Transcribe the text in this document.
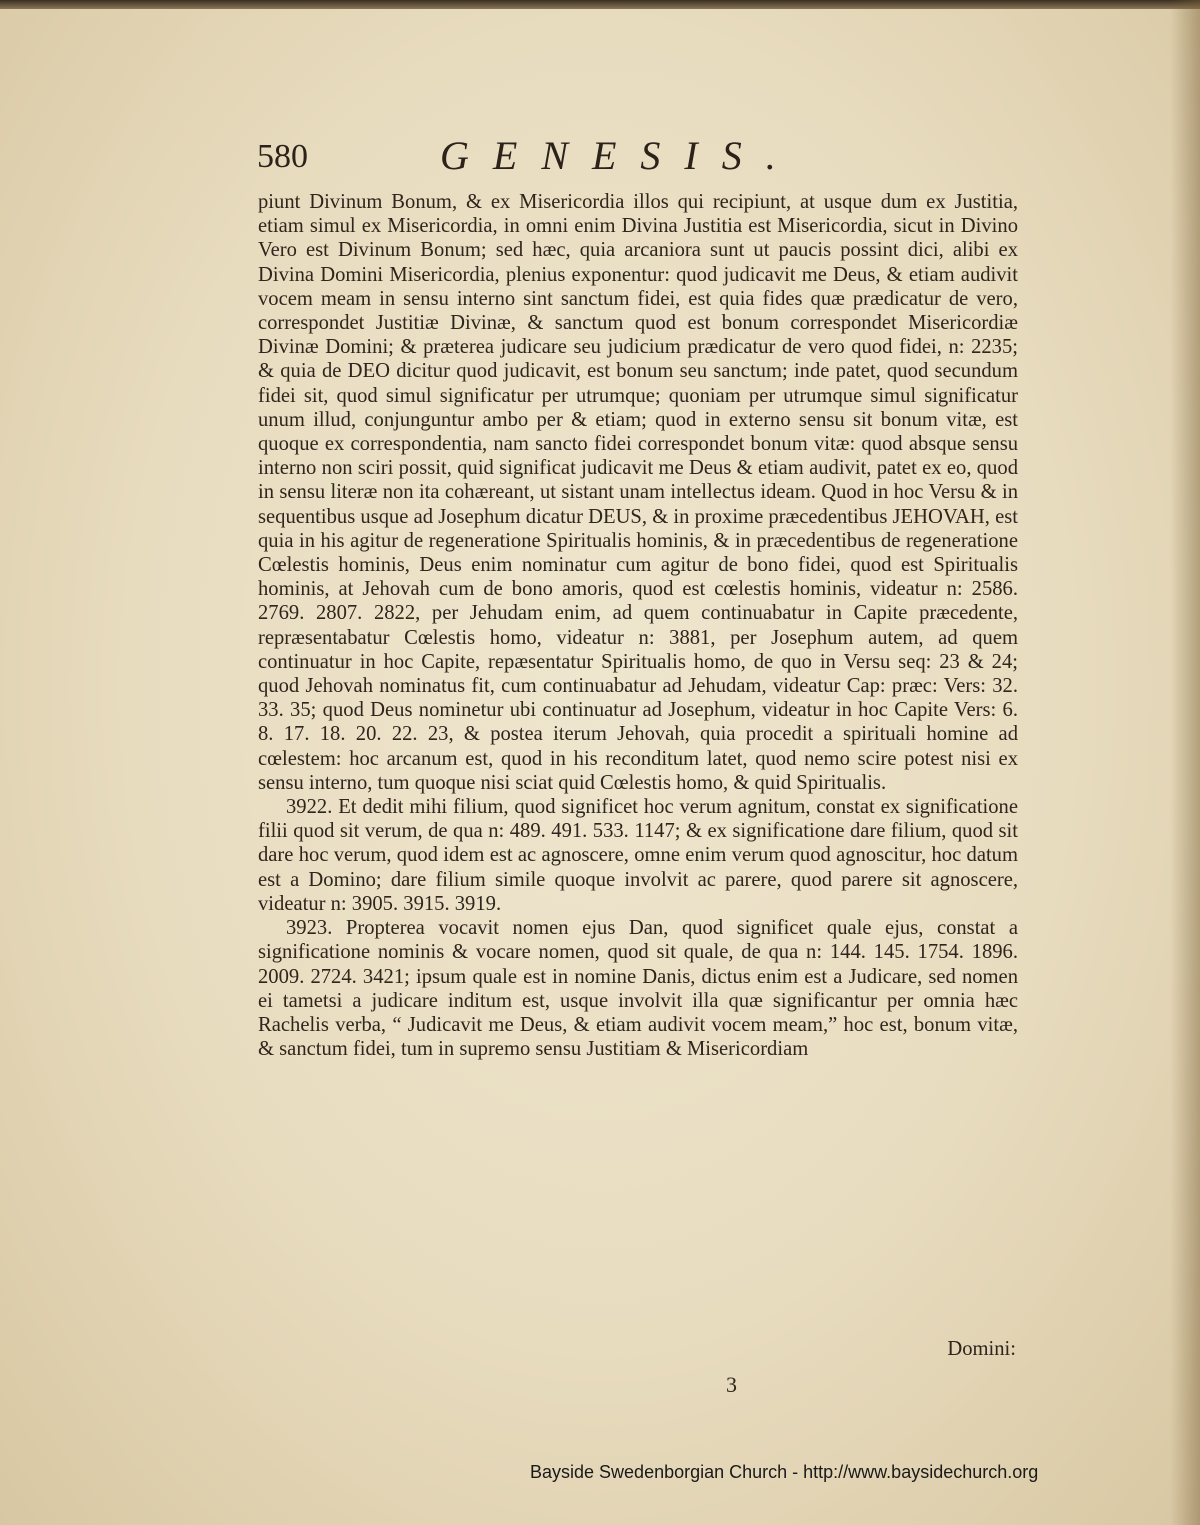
580	GENESIS.

piunt Divinum Bonum, & ex Misericordia illos qui recipiunt, at usque dum ex Justitia, etiam simul ex Misericordia, in omni enim Divina Justitia est Misericordia, sicut in Divino Vero est Divinum Bonum; sed hæc, quia arcaniora sunt ut paucis possint dici, alibi ex Divina Domini Misericordia, plenius exponentur: quod judicavit me Deus, & etiam audivit vocem meam in sensu interno sint sanctum fidei, est quia fides quæ prædicatur de vero, correspondet Justitiæ Divinæ, & sanctum quod est bonum correspondet Misericordiæ Divinæ Domini; & præterea judicare seu judicium prædicatur de vero quod fidei, n: 2235; & quia de DEO dicitur quod judicavit, est bonum seu sanctum; inde patet, quod secundum fidei sit, quod simul significatur per utrumque; quoniam per utrumque simul significatur unum illud, conjunguntur ambo per & etiam; quod in externo sensu sit bonum vitæ, est quoque ex correspondentia, nam sancto fidei correspondet bonum vitæ: quod absque sensu interno non sciri possit, quid significat judicavit me Deus & etiam audivit, patet ex eo, quod in sensu literæ non ita cohæreant, ut sistant unam intellectus ideam. Quod in hoc Versu & in sequentibus usque ad Josephum dicatur DEUS, & in proxime præcedentibus JEHOVAH, est quia in his agitur de regeneratione Spiritualis hominis, & in præcedentibus de regeneratione Cœlestis hominis, Deus enim nominatur cum agitur de bono fidei, quod est Spiritualis hominis, at Jehovah cum de bono amoris, quod est cœlestis hominis, videatur n: 2586. 2769. 2807. 2822, per Jehudam enim, ad quem continuabatur in Capite præcedente, repræsentabatur Cœlestis homo, videatur n: 3881, per Josephum autem, ad quem continuatur in hoc Capite, repæsentatur Spiritualis homo, de quo in Versu seq: 23 & 24; quod Jehovah nominatus fit, cum continuabatur ad Jehudam, videatur Cap: præc: Vers: 32. 33. 35; quod Deus nominetur ubi continuatur ad Josephum, videatur in hoc Capite Vers: 6. 8. 17. 18. 20. 22. 23, & postea iterum Jehovah, quia procedit a spirituali homine ad cœlestem: hoc arcanum est, quod in his reconditum latet, quod nemo scire potest nisi ex sensu interno, tum quoque nisi sciat quid Cœlestis homo, & quid Spiritualis.

3922. Et dedit mihi filium, quod significet hoc verum agnitum, constat ex significatione filii quod sit verum, de qua n: 489. 491. 533. 1147; & ex significatione dare filium, quod sit dare hoc verum, quod idem est ac agnoscere, omne enim verum quod agnoscitur, hoc datum est a Domino; dare filium simile quoque involvit ac parere, quod parere sit agnoscere, videatur n: 3905. 3915. 3919.

3923. Propterea vocavit nomen ejus Dan, quod significet quale ejus, constat a significatione nominis & vocare nomen, quod sit quale, de qua n: 144. 145. 1754. 1896. 2009. 2724. 3421; ipsum quale est in nomine Danis, dictus enim est a Judicare, sed nomen ei tametsi a judicare inditum est, usque involvit illa quæ significantur per omnia hæc Rachelis verba, “ Judicavit me Deus, & etiam audivit vocem meam,” hoc est, bonum vitæ, & sanctum fidei, tum in supremo sensu Justitiam & Misericordiam

Domini:
3
Bayside Swedenborgian Church - http://www.baysidechurch.org
